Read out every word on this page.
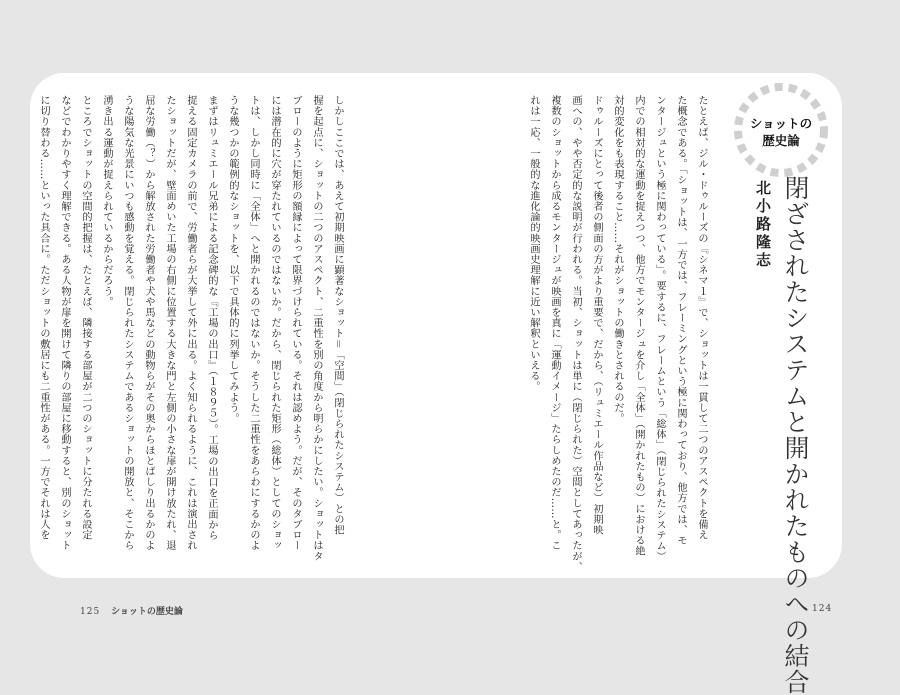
ショットの
歴史論
閉ざされたシステムと開かれたものへの結合
北小路隆志

たとえば、ジル・ドゥルーズの『シネマ１』で、ショットは一貫して二つのアスペクトを備え

た概念である。「ショットは、一方では、フレーミングという極に関わっており、他方では、モ

ンタージュという極に関わっている」。要するに、フレームという「総体」（閉じられたシステム）

内での相対的な運動を捉えつつ、他方でモンタージュを介し「全体」（開かれたもの）における絶

対的変化をも表現すること……それがショットの働きとされるのだ。

ドゥルーズにとって後者の側面の方がより重要で、だから、（リュミエール作品など）初期映

画への、やや否定的な説明が行われる。当初、ショットは単に（閉じられた）空間としてあったが、

複数のショットから成るモンタージュが映画を真に「運動イメージ」たらしめたのだ……と。こ

れは一応、一般的な進化論的映画史理解に近い解釈といえる。

しかしここでは、あえて初期映画に顕著なショット＝「空間」（閉じられたシステム）との把

握を起点に、ショットの二つのアスペクト、二重性を別の角度から明らかにしたい。ショットはタ

ブローのように矩形の額縁によって限界づけられている。それは認めよう。だが、そのタブロー

には潜在的に穴が穿たれているのではないか。だから、閉じられた矩形（総体）としてのショッ

トは、しかし同時に「全体」へと開かれるのではないか。そうした二重性をあらわにするかのよ

うな幾つかの範例的なショットを、以下で具体的に列挙してみよう。

まずはリュミエール兄弟による記念碑的な『工場の出口』（１８９５）。工場の出口を正面から

捉える固定カメラの前で、労働者らが大挙して外に出る。よく知られるように、これは演出され

たショットだが、壁面めいた工場の右側に位置する大きな門と左側の小さな扉が開け放たれ、退

屈な労働（？）から解放された労働者や犬や馬などの動物らがその奥からほとばしり出るかのよ

うな陽気な光景にいつも感動を覚える。閉じられたシステムであるショットの開放と、そこから

湧き出る運動が捉えられているからだろう。

ところでショットの空間的把握は、たとえば、隣接する部屋が二つのショットに分たれる設定

などでわかりやすく理解できる。ある人物が扉を開けて隣りの部屋に移動すると、別のショット

に切り替わる……といった具合に。ただショットの敷居にも二重性がある。一方でそれは人を

125 ショットの歴史論	124
